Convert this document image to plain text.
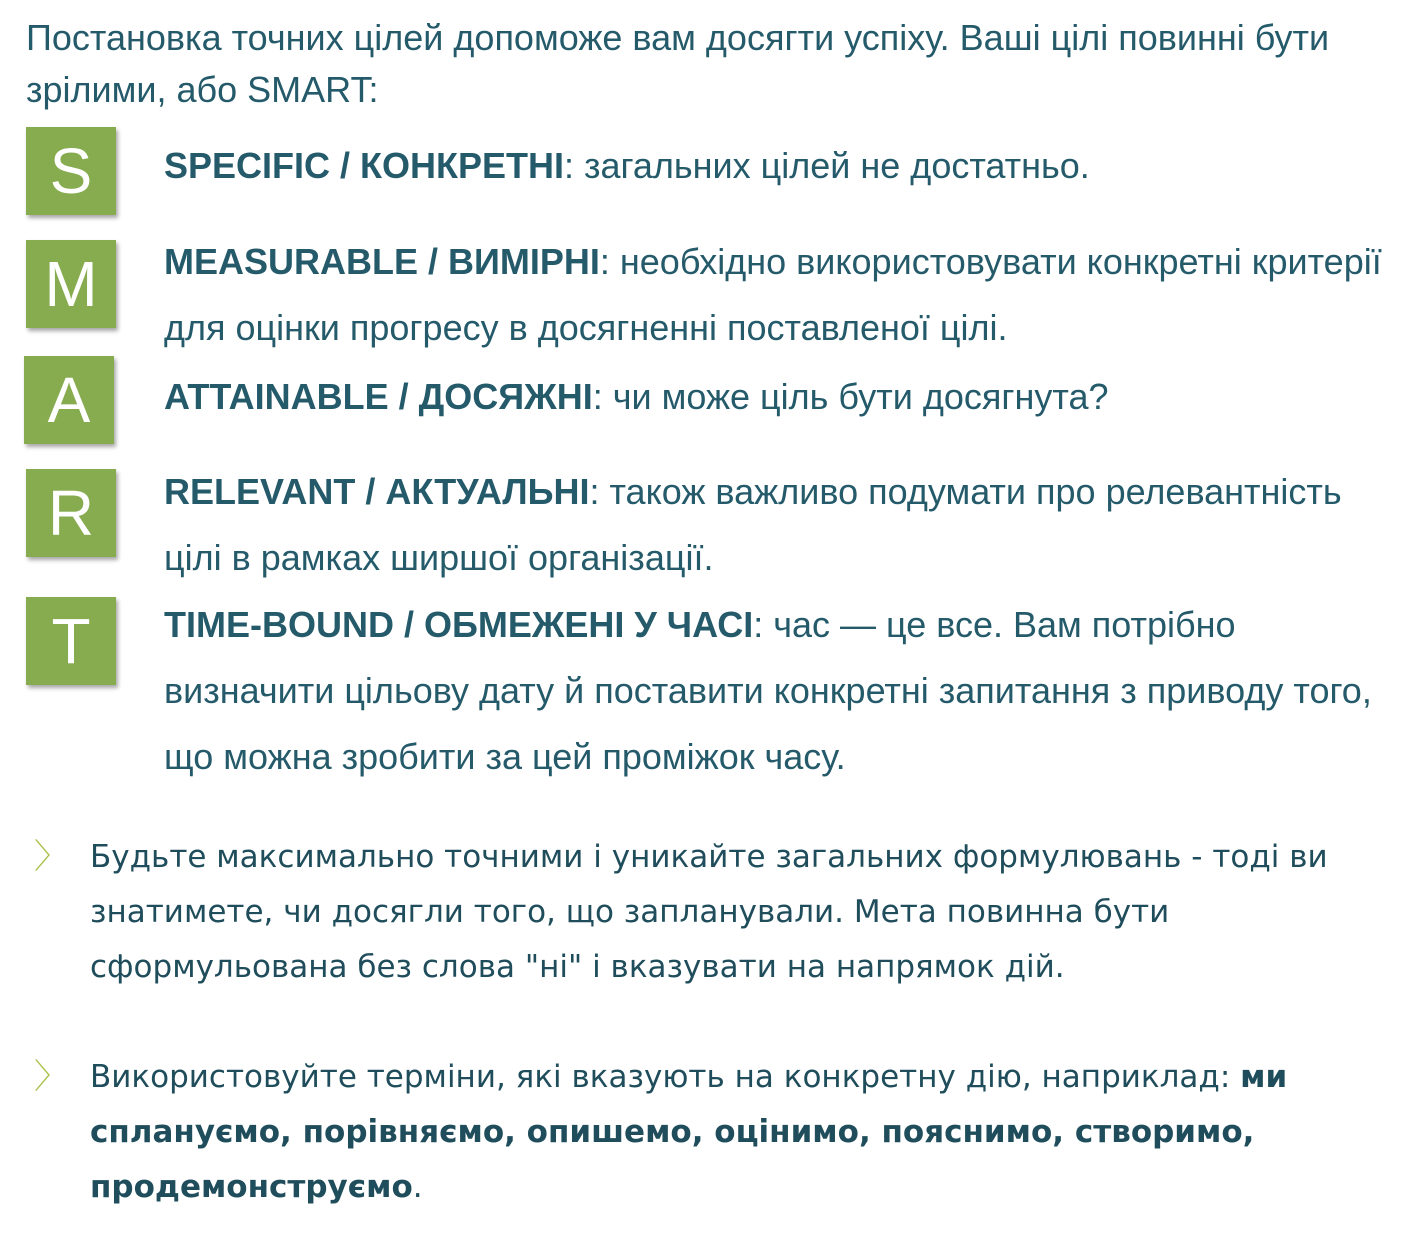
Постановка точних цілей допоможе вам досягти успіху. Ваші цілі повинні бути зрілими, або SMART:

S
M
A
R
T

SPECIFIC / КОНКРЕТНІ: загальних цілей не достатньо.

MEASURABLE / ВИМІРНІ: необхідно використовувати конкретні критерії для оцінки прогресу в досягненні поставленої цілі.

ATTAINABLE / ДОСЯЖНІ: чи може ціль бути досягнута?

RELEVANT / АКТУАЛЬНІ: також важливо подумати про релевантність цілі в рамках ширшої організації.

TIME-BOUND / ОБМЕЖЕНІ У ЧАСІ: час — це все. Вам потрібно визначити цільову дату й поставити конкретні запитання з приводу того, що можна зробити за цей проміжок часу.

〉 Будьте максимально точними і уникайте загальних формулювань - тоді ви знатимете, чи досягли того, що запланували. Мета повинна бути сформульована без слова "ні" і вказувати на напрямок дій.

〉 Використовуйте терміни, які вказують на конкретну дію, наприклад: ми сплануємо, порівняємо, опишемо, оцінимо, пояснимо, створимо, продемонструємо.
